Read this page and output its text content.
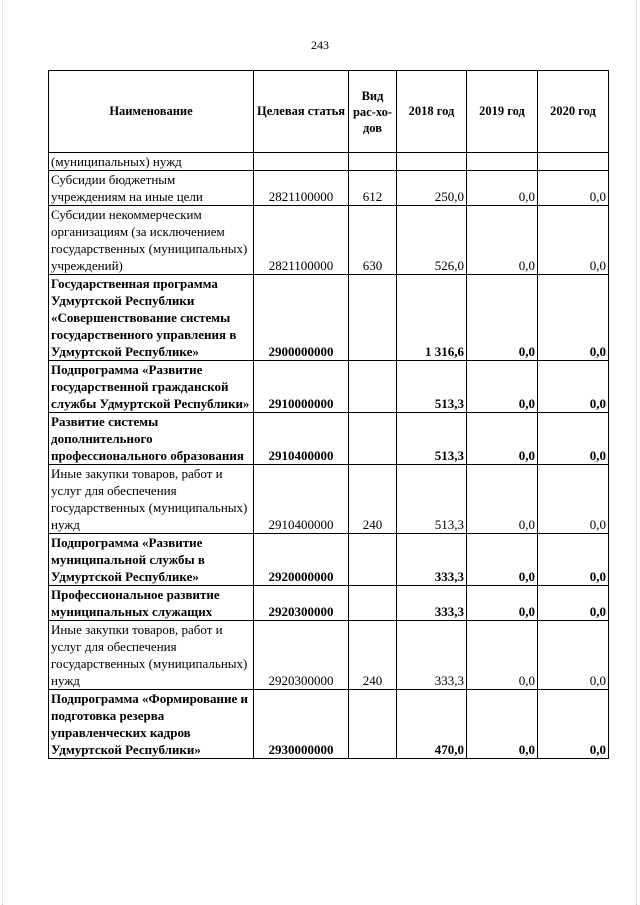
243
Наименование	Целевая статья	Вид рас-хо-дов	2018 год	2019 год	2020 год
(муниципальных) нужд					
Субсидии бюджетным учреждениям на иные цели	2821100000	612	250,0	0,0	0,0
Субсидии некоммерческим организациям (за исключением государственных (муниципальных) учреждений)	2821100000	630	526,0	0,0	0,0
Государственная программа Удмуртской Республики «Совершенствование системы государственного управления в Удмуртской Республике»	2900000000		1 316,6	0,0	0,0
Подпрограмма «Развитие государственной гражданской службы Удмуртской Республики»	2910000000		513,3	0,0	0,0
Развитие системы дополнительного профессионального образования	2910400000		513,3	0,0	0,0
Иные закупки товаров, работ и услуг для обеспечения государственных (муниципальных) нужд	2910400000	240	513,3	0,0	0,0
Подпрограмма «Развитие муниципальной службы в Удмуртской Республике»	2920000000		333,3	0,0	0,0
Профессиональное развитие муниципальных служащих	2920300000		333,3	0,0	0,0
Иные закупки товаров, работ и услуг для обеспечения государственных (муниципальных) нужд	2920300000	240	333,3	0,0	0,0
Подпрограмма «Формирование и подготовка резерва управленческих кадров Удмуртской Республики»	2930000000		470,0	0,0	0,0
